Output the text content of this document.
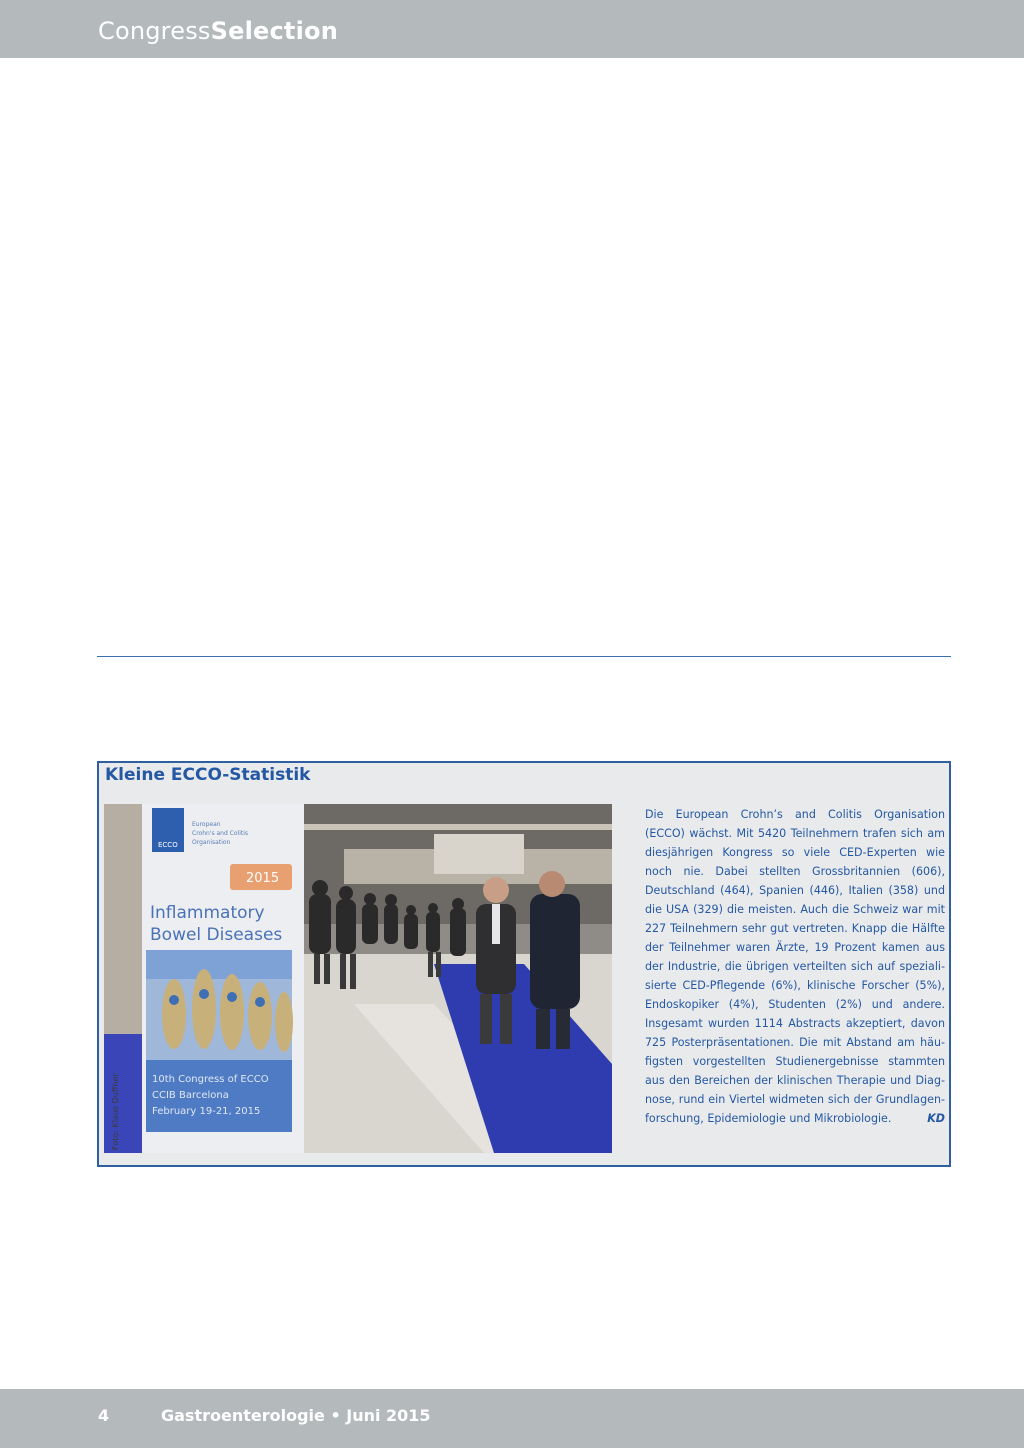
CongressSelection
Kleine ECCO-Statistik
ECCO
European
Crohn's and Colitis
Organisation
2015
Inflammatory
Bowel Diseases
10th Congress of ECCO
CCIB Barcelona
February 19-21, 2015
Foto: Klaus Duffner

Die European Crohn’s and Colitis Organisation (ECCO) wächst. Mit 5420 Teilnehmern trafen sich am diesjährigen Kongress so viele CED-Experten wie noch nie. Dabei stellten Grossbritannien (606), Deutschland (464), Spanien (446), Italien (358) und die USA (329) die meisten. Auch die Schweiz war mit 227 Teilnehmern sehr gut vertreten. Knapp die Hälfte der Teilnehmer waren Ärzte, 19 Prozent kamen aus der Industrie, die übrigen verteilten sich auf spezialisierte CED-Pflegende (6%), klinische Forscher (5%), Endoskopiker (4%), Studenten (2%) und andere. Insgesamt wurden 1114 Abstracts akzeptiert, davon 725 Posterpräsentationen. Die mit Abstand am häufigsten vorgestellten Studienergebnisse stammten aus den Bereichen der klinischen Therapie und Diagnose, rund ein Viertel widmeten sich der Grundlagenforschung, Epidemiologie und Mikrobiologie.	KD

4	Gastroenterologie • Juni 2015
